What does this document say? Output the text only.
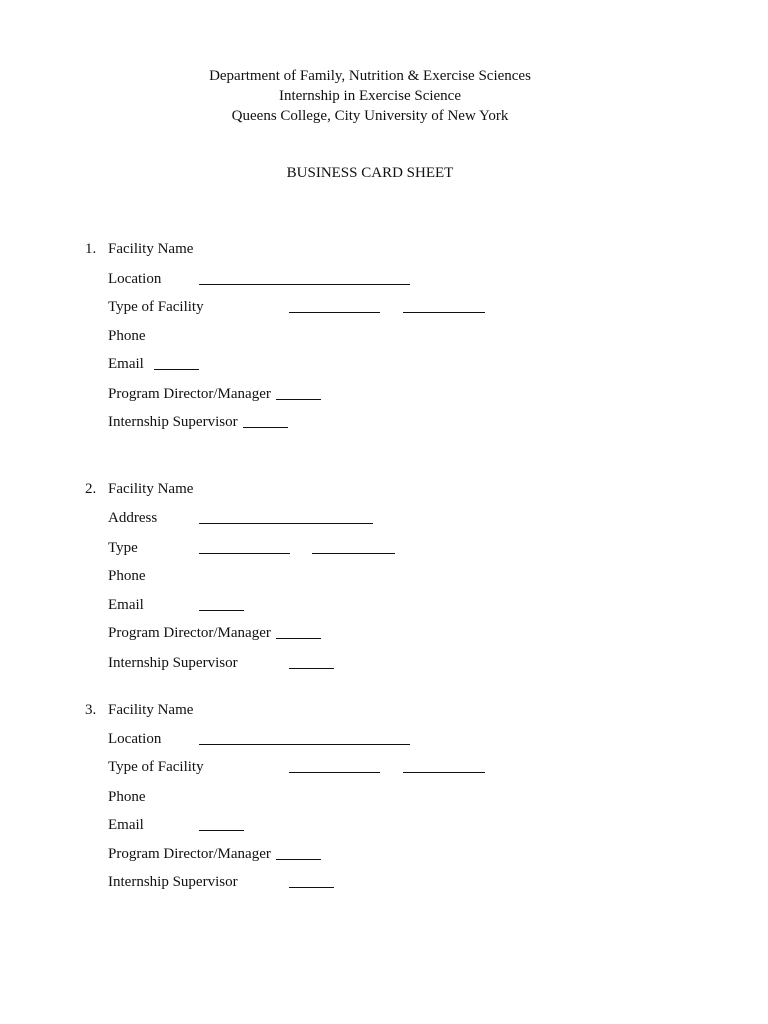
Department of Family, Nutrition & Exercise Sciences
Internship in Exercise Science
Queens College, City University of New York
BUSINESS CARD SHEET
1. Facility Name
Location
Type of Facility
Phone
Email
Program Director/Manager
Internship Supervisor
2. Facility Name
Address
Type
Phone
Email
Program Director/Manager
Internship Supervisor
3. Facility Name
Location
Type of Facility
Phone
Email
Program Director/Manager
Internship Supervisor
